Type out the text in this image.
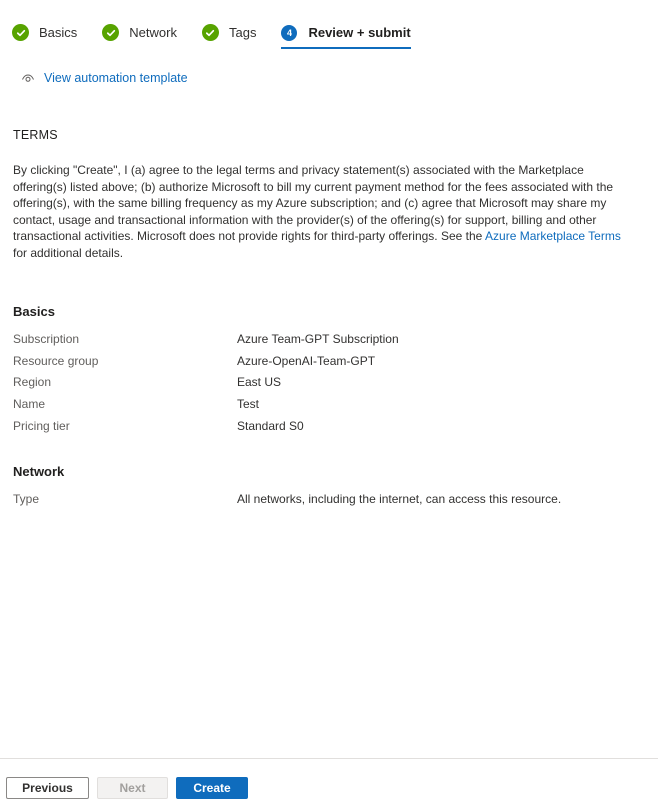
Basics	Network	Tags	4	Review + submit
View automation template
TERMS
By clicking "Create", I (a) agree to the legal terms and privacy statement(s) associated with the Marketplace offering(s) listed above; (b) authorize Microsoft to bill my current payment method for the fees associated with the offering(s), with the same billing frequency as my Azure subscription; and (c) agree that Microsoft may share my contact, usage and transactional information with the provider(s) of the offering(s) for support, billing and other transactional activities. Microsoft does not provide rights for third-party offerings. See the Azure Marketplace Terms for additional details.
Basics
Subscription	Azure Team-GPT Subscription
Resource group	Azure-OpenAI-Team-GPT
Region	East US
Name	Test
Pricing tier	Standard S0
Network
Type	All networks, including the internet, can access this resource.
Previous	Next	Create
